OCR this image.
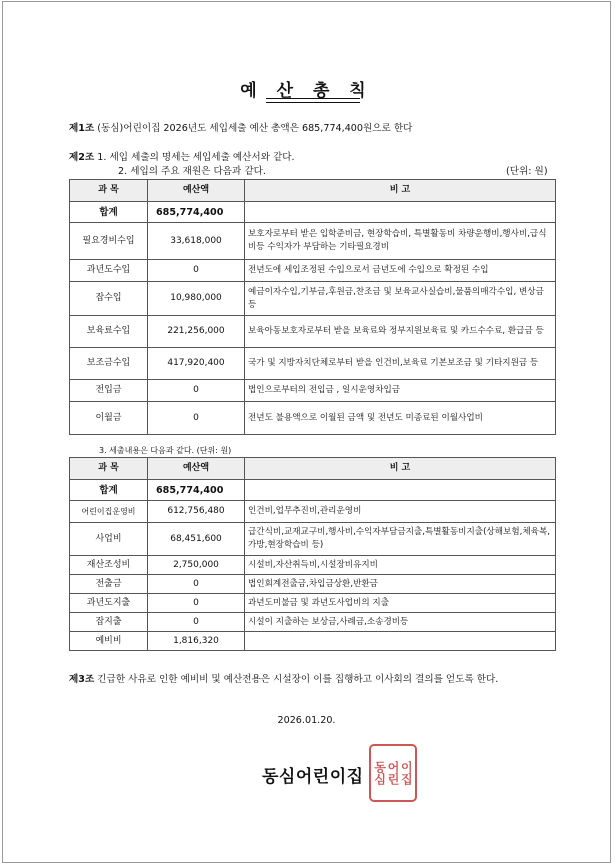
예 산 총 칙
제1조 (동심)어린이집 2026년도 세입세출 예산 총액은 685,774,400원으로 한다
제2조 1. 세입 세출의 명세는 세입세출 예산서와 같다.
2. 세입의 주요 재원은 다음과 같다.	(단위: 원)
과 목	예산액	비 고
합계	685,774,400	
필요경비수입	33,618,000	보호자로부터 받은 입학준비금, 현장학습비, 특별활동비 차량운행비,행사비,급식비등 수익자가 부담하는 기타필요경비
과년도수입	0	전년도에 세입조정된 수입으로서 금년도에 수입으로 확정된 수입
잡수입	10,980,000	예금이자수입,기부금,후원금,찬조금 및 보육교사실습비,물품의매각수입, 변상금 등
보육료수입	221,256,000	보육아동보호자로부터 받을 보육료와 정부지원보육료 및 카드수수료, 환급금 등
보조금수입	417,920,400	국가 및 지방자치단체로부터 받을 인건비,보육료 기본보조금 및 기타지원금 등
전입금	0	법인으로부터의 전입금 , 일시운영차입금
이월금	0	전년도 불용액으로 이월된 금액 및 전년도 미종료된 이월사업비
3. 세출내용은 다음과 같다. (단위: 원)
과 목	예산액	비 고
합계	685,774,400	
어린이집운영비	612,756,480	인건비,업무추진비,관리운영비
사업비	68,451,600	급간식비,교재교구비,행사비,수익자부담금지출,특별활동비지출(상해보험,체육복,가방,현장학습비 등)
재산조성비	2,750,000	시설비,자산취득비,시설장비유지비
전출금	0	법인회계전출금,차입금상환,반환금
과년도지출	0	과년도미불금 및 과년도사업비의 지출
잡지출	0	시설이 지출하는 보상금,사례금,소송경비등
예비비	1,816,320	
제3조 긴급한 사유로 인한 예비비 및 예산전용은 시설장이 이를 집행하고 이사회의 결의를 얻도록 한다.
2026.01.20.
동심어린이집 동심 어린 이집
